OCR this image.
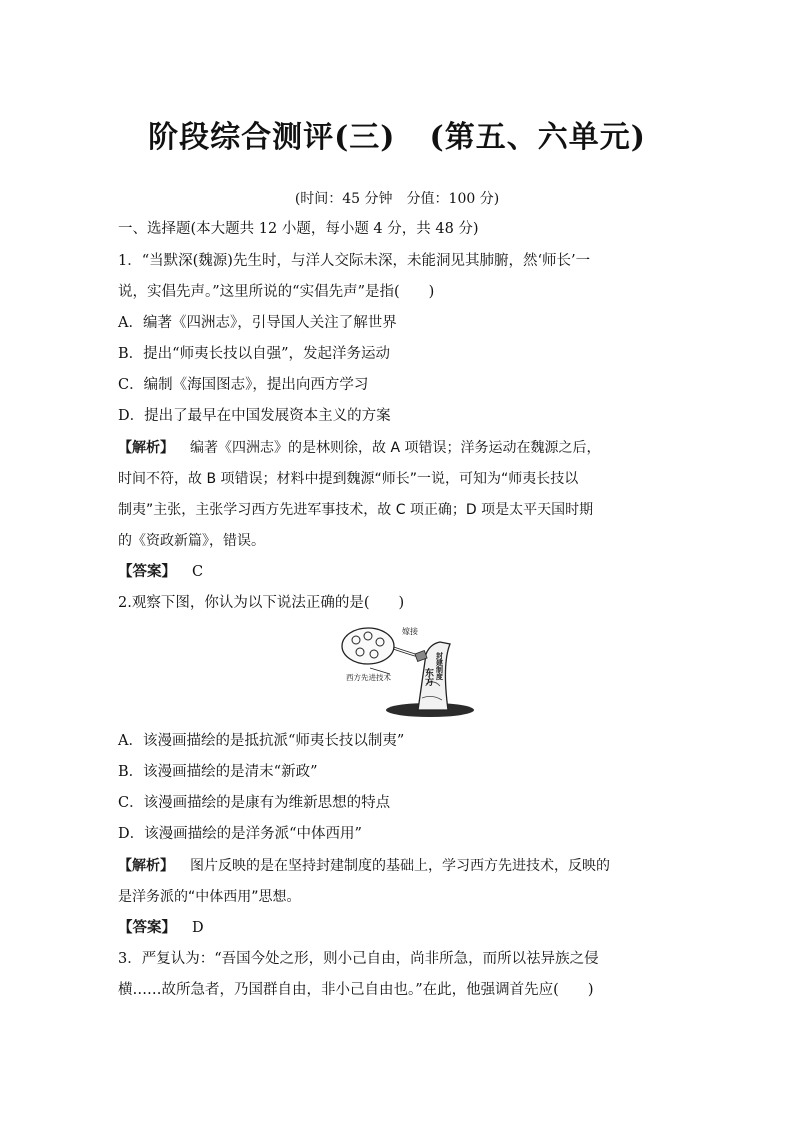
阶段综合测评(三) (第五、六单元)
(时间：45 分钟　分值：100 分)
一、选择题(本大题共 12 小题，每小题 4 分，共 48 分)
1．“当默深(魏源)先生时，与洋人交际未深，未能洞见其肺腑，然‘师长’一
说，实倡先声。”这里所说的“实倡先声”是指(　　)
A．编著《四洲志》，引导国人关注了解世界
B．提出“师夷长技以自强”，发起洋务运动
C．编制《海国图志》，提出向西方学习
D．提出了最早在中国发展资本主义的方案
【解析】 编著《四洲志》的是林则徐，故 A 项错误；洋务运动在魏源之后，
时间不符，故 B 项错误；材料中提到魏源“师长”一说，可知为“师夷长技以
制夷”主张，主张学习西方先进军事技术，故 C 项正确；D 项是太平天国时期
的《资政新篇》，错误。
【答案】 C
2.观察下图，你认为以下说法正确的是(　　)
嫁接
西方先进技术	东方 封建制度
A．该漫画描绘的是抵抗派“师夷长技以制夷”
B．该漫画描绘的是清末“新政”
C．该漫画描绘的是康有为维新思想的特点
D．该漫画描绘的是洋务派“中体西用”
【解析】 图片反映的是在坚持封建制度的基础上，学习西方先进技术，反映的
是洋务派的“中体西用”思想。
【答案】 D
3．严复认为：“吾国今处之形，则小己自由，尚非所急，而所以祛异族之侵
横……故所急者，乃国群自由，非小己自由也。”在此，他强调首先应(　　)
